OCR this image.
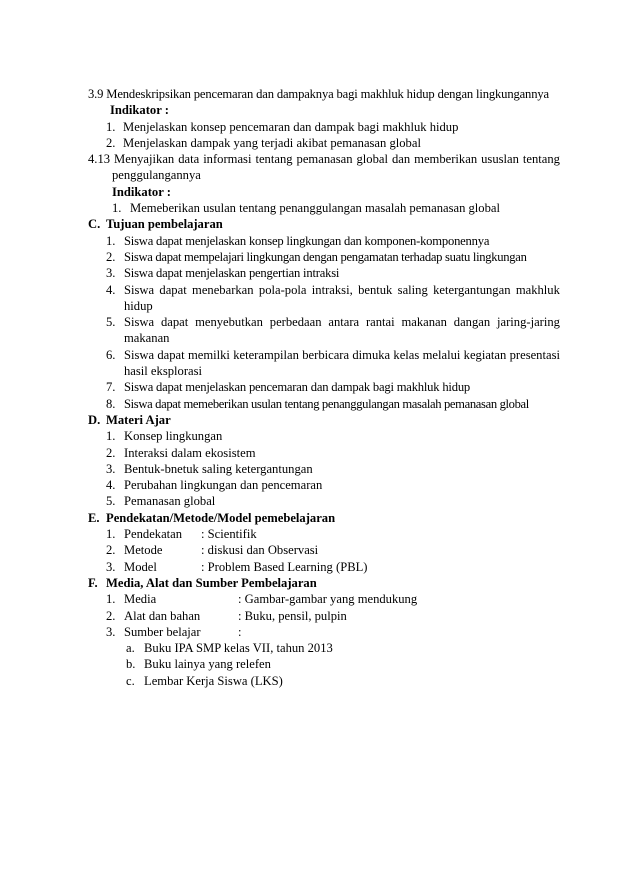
3.9 Mendeskripsikan pencemaran dan dampaknya bagi makhluk hidup dengan lingkungannya
Indikator :
1. Menjelaskan konsep pencemaran dan dampak bagi makhluk hidup
2. Menjelaskan dampak yang terjadi akibat pemanasan global
4.13 Menyajikan data informasi tentang pemanasan global dan memberikan ususlan tentang
penggulangannya
Indikator :
1. Memeberikan usulan tentang penanggulangan masalah pemanasan global
C. Tujuan pembelajaran
1. Siswa dapat menjelaskan konsep lingkungan dan komponen-komponennya
2. Siswa dapat mempelajari lingkungan dengan pengamatan terhadap suatu lingkungan
3. Siswa dapat menjelaskan pengertian intraksi
4. Siswa dapat menebarkan pola-pola intraksi, bentuk saling ketergantungan makhluk
hidup
5. Siswa dapat menyebutkan perbedaan antara rantai makanan dangan jaring-jaring
makanan
6. Siswa dapat memilki keterampilan berbicara dimuka kelas melalui kegiatan presentasi
hasil eksplorasi
7. Siswa dapat menjelaskan pencemaran dan dampak bagi makhluk hidup
8. Siswa dapat memeberikan usulan tentang penanggulangan masalah pemanasan global
D. Materi Ajar
1. Konsep lingkungan
2. Interaksi dalam ekosistem
3. Bentuk-bnetuk saling ketergantungan
4. Perubahan lingkungan dan pencemaran
5. Pemanasan global
E. Pendekatan/Metode/Model pemebelajaran
1. Pendekatan : Scientifik
2. Metode	: diskusi dan Observasi
3. Model	: Problem Based Learning (PBL)
F. Media, Alat dan Sumber Pembelajaran
1. Media	: Gambar-gambar yang mendukung
2. Alat dan bahan	: Buku, pensil, pulpin
3. Sumber belajar	:
a. Buku IPA SMP kelas VII, tahun 2013
b. Buku lainya yang relefen
c. Lembar Kerja Siswa (LKS)
